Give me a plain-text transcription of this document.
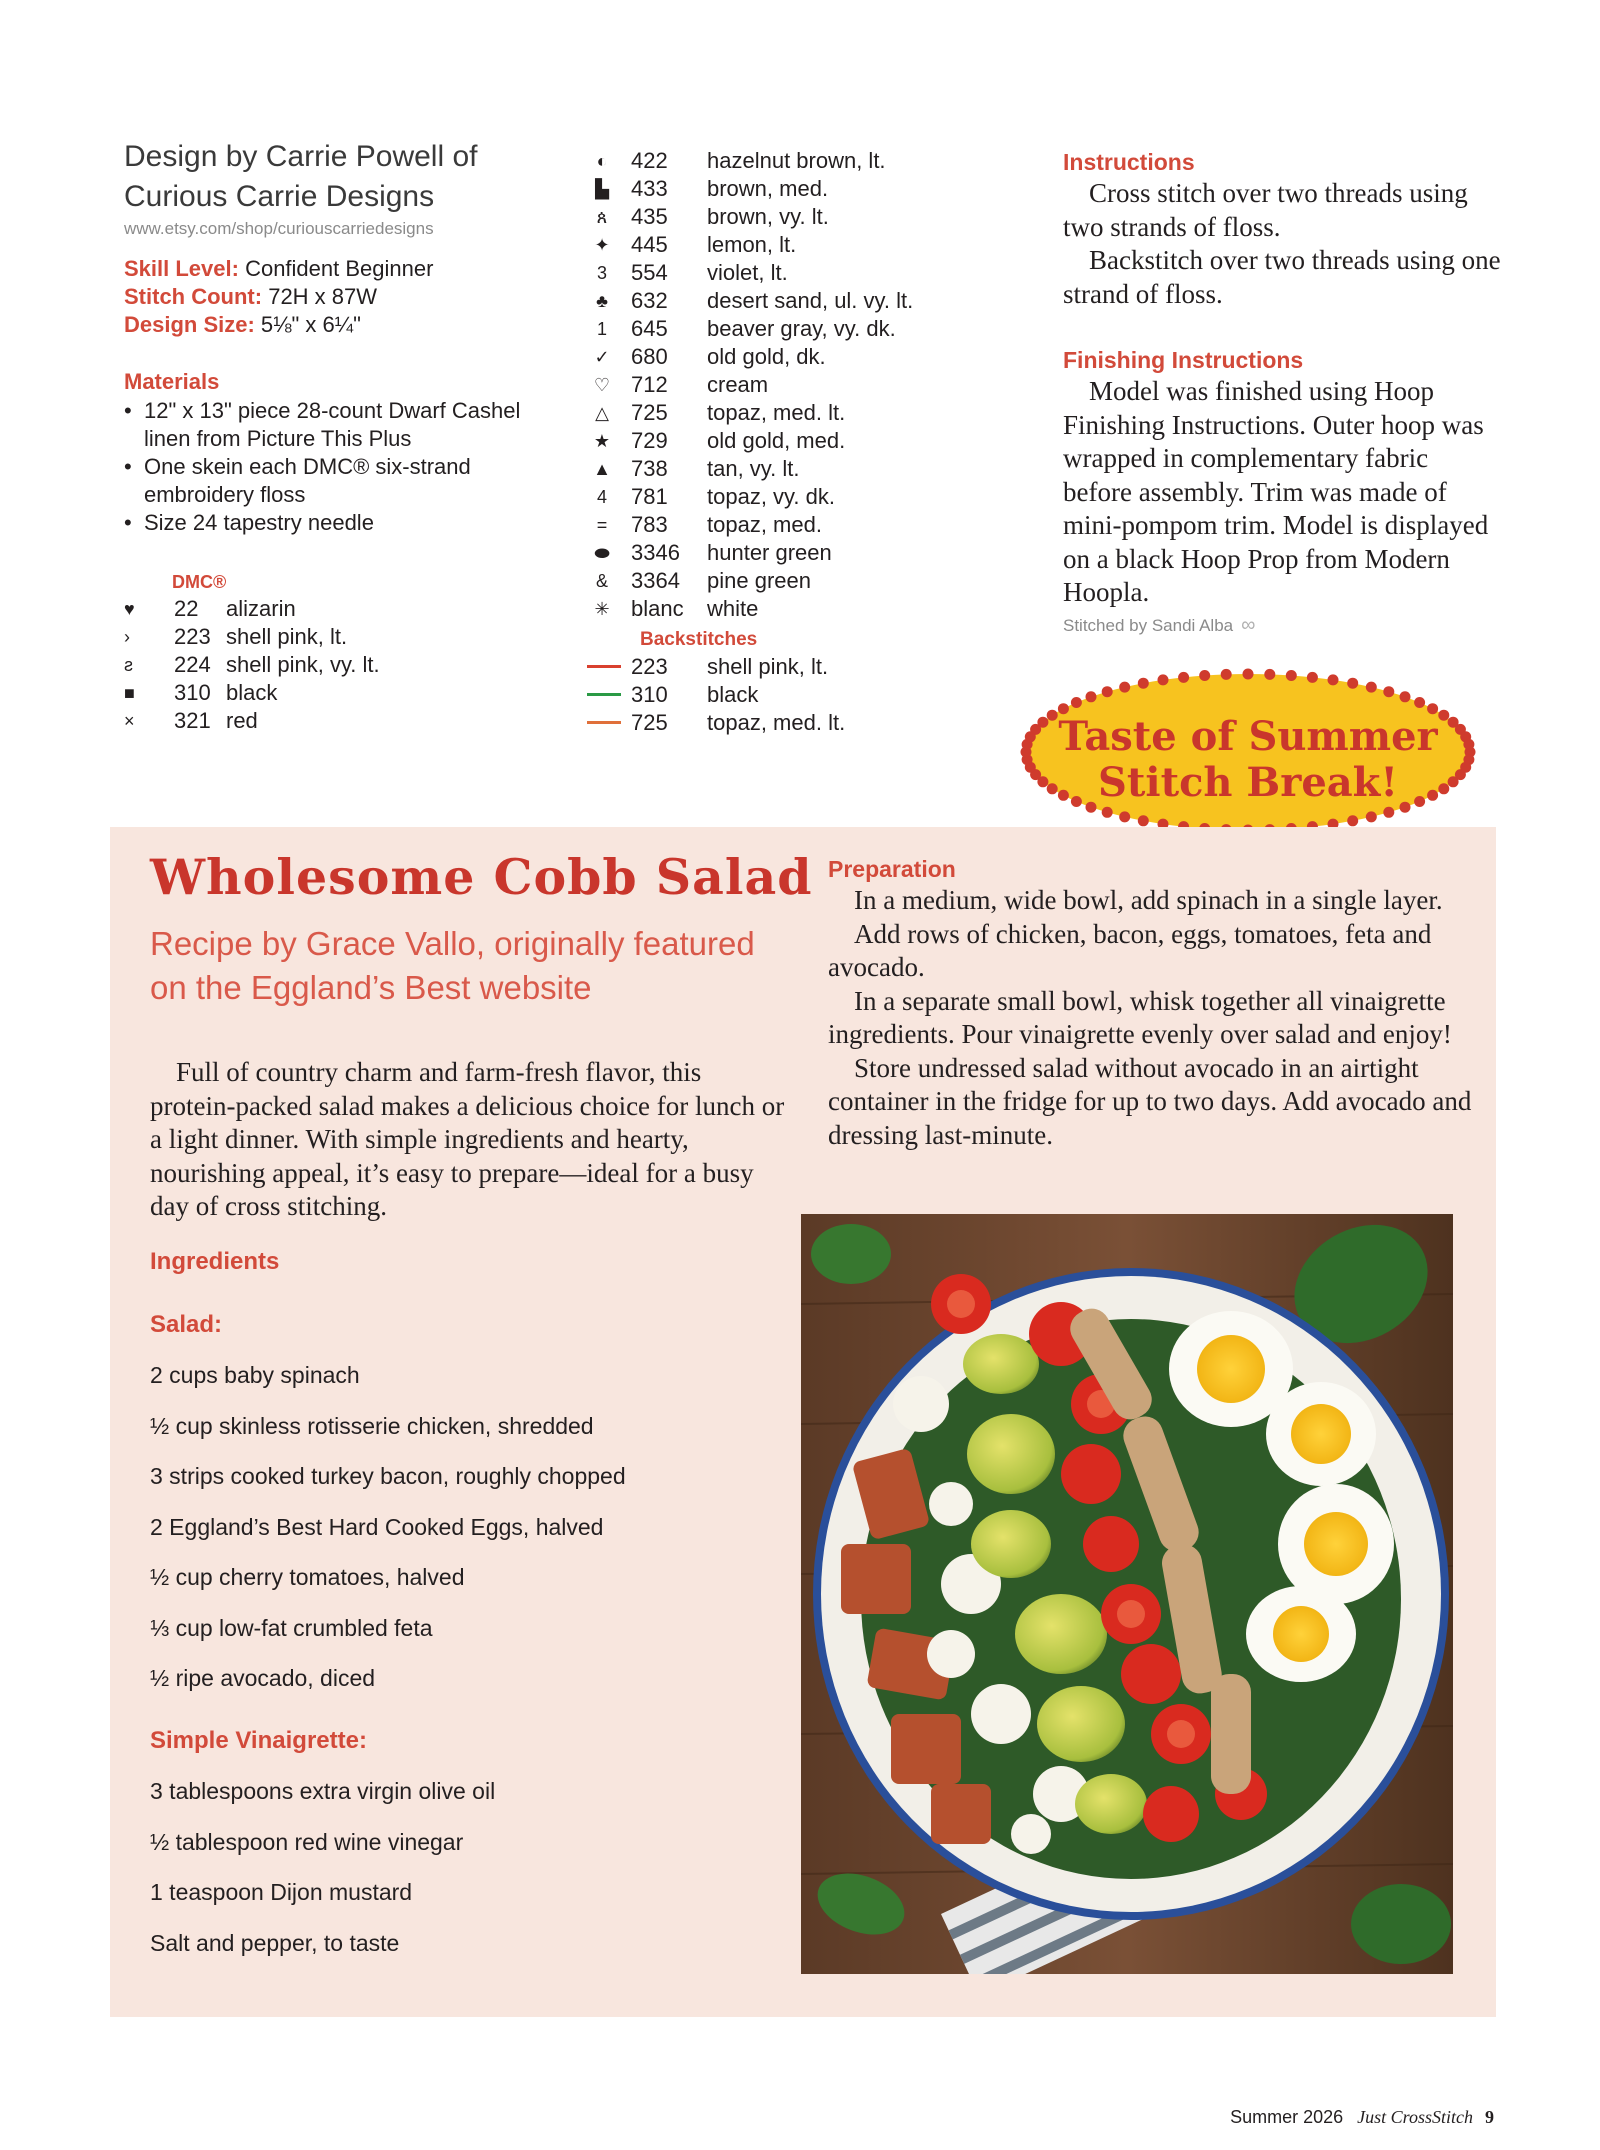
Design by Carrie Powell of
Curious Carrie Designs
www.etsy.com/shop/curiouscarriedesigns
Skill Level: Confident Beginner
Stitch Count: 72H x 87W
Design Size: 5⅛" x 6¼"
Materials
• 12" x 13" piece 28-count Dwarf Cashel linen from Picture This Plus
• One skein each DMC® six-strand embroidery floss
• Size 24 tapestry needle
DMC®
♥	22	alizarin
›	223 shell pink, lt.
ƨ	224 shell pink, vy. lt.
■	310 black
×	321 red
◐	422	hazelnut brown, lt.
▙	433	brown, med.
ጰ	435	brown, vy. lt.
✦ 445	lemon, lt.
3	554	violet, lt.
♣	632	desert sand, ul. vy. lt.
1	645	beaver gray, vy. dk.
✓ 680	old gold, dk.
♡ 712	cream
△	725	topaz, med. lt.
★ 729	old gold, med.
▲ 738	tan, vy. lt.
4	781	topaz, vy. dk.
=	783	topaz, med.
⬬ 3346	hunter green
&	3364	pine green
✳ blanc	white
Backstitches
223	shell pink, lt.
310	black
725	topaz, med. lt.
Instructions

Cross stitch over two threads using two strands of floss.

Backstitch over two threads using one strand of floss.

Finishing Instructions

Model was finished using Hoop Finishing Instructions. Outer hoop was wrapped in complementary fabric before assembly. Trim was made of mini-pompom trim. Model is displayed on a black Hoop Prop from Modern Hoopla.

Stitched by Sandi Alba ∞
Taste of Summer
Stitch Break!
Wholesome Cobb Salad
Recipe by Grace Vallo, originally featured on the Eggland’s Best website

Full of country charm and farm-fresh flavor, this protein-packed salad makes a delicious choice for lunch or a light dinner. With simple ingredients and hearty, nourishing appeal, it’s easy to prepare—ideal for a busy day of cross stitching.

Ingredients
Salad:
2 cups baby spinach
½ cup skinless rotisserie chicken, shredded
3 strips cooked turkey bacon, roughly chopped
2 Eggland’s Best Hard Cooked Eggs, halved
½ cup cherry tomatoes, halved
⅓ cup low-fat crumbled feta
½ ripe avocado, diced
Simple Vinaigrette:
3 tablespoons extra virgin olive oil
½ tablespoon red wine vinegar
1 teaspoon Dijon mustard
Salt and pepper, to taste
Preparation

In a medium, wide bowl, add spinach in a single layer.

Add rows of chicken, bacon, eggs, tomatoes, feta and avocado.

In a separate small bowl, whisk together all vinaigrette ingredients. Pour vinaigrette evenly over salad and enjoy!

Store undressed salad without avocado in an airtight container in the fridge for up to two days. Add avocado and dressing last-minute.

Summer 2026 Just CrossStitch 9
